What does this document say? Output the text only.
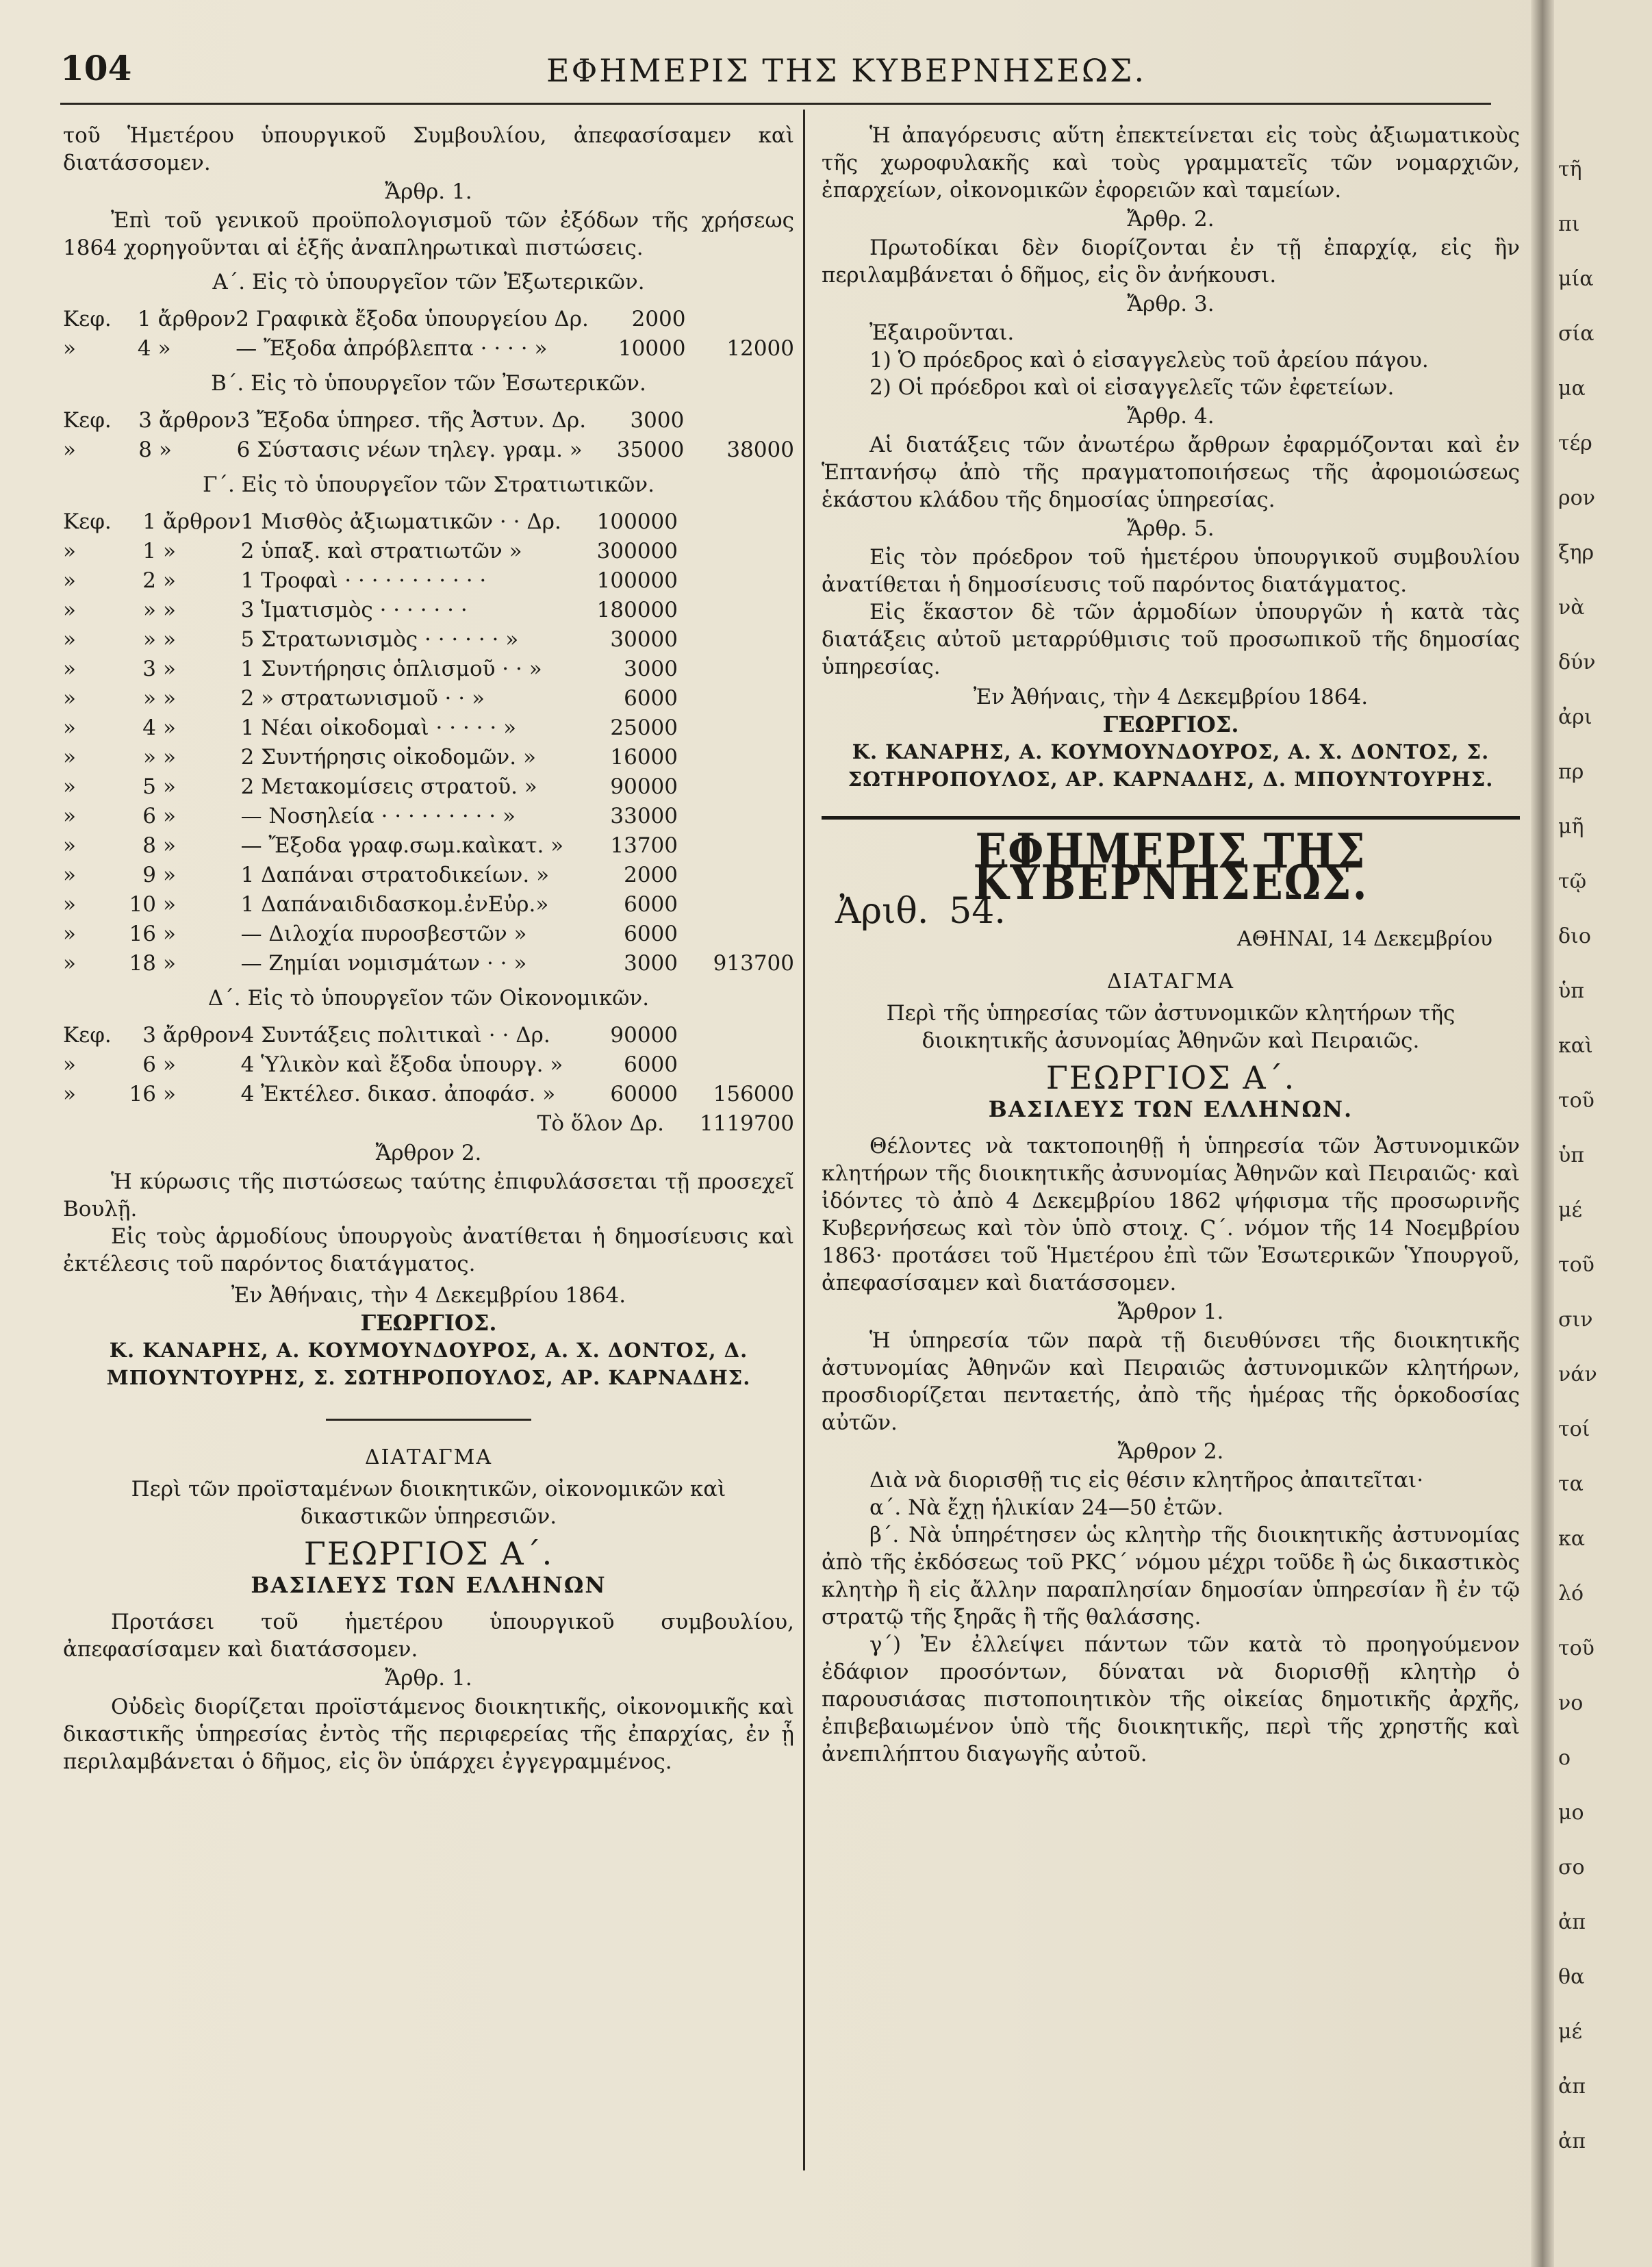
104	ΕΦΗΜΕΡΙΣ ΤΗΣ ΚΥΒΕΡΝΗΣΕΩΣ.

τοῦ Ἡμετέρου ὑπουργικοῦ Συμβουλίου, ἀπεφασίσαμεν καὶ διατάσσομεν.

Ἄρθρ. 1.

Ἐπὶ τοῦ γενικοῦ προϋπολογισμοῦ τῶν ἐξόδων τῆς χρήσεως 1864 χορηγοῦνται αἱ ἑξῆς ἀναπληρωτικαὶ πιστώσεις.

Α΄. Εἰς τὸ ὑπουργεῖον τῶν Ἐξωτερικῶν.

Κεφ.	1	ἄρθρον	2 Γραφικὰ ἔξοδα ὑπουργείου Δρ.	2000	
»	4	»	— Ἔξοδα ἀπρόβλεπτα · · · · »	10000	12000

Β΄. Εἰς τὸ ὑπουργεῖον τῶν Ἐσωτερικῶν.

Κεφ.	3	ἄρθρον	3 Ἔξοδα ὑπηρεσ. τῆς Ἀστυν. Δρ.	3000	
»	8	»	6 Σύστασις νέων τηλεγ. γραμ. »	35000	38000

Γ΄. Εἰς τὸ ὑπουργεῖον τῶν Στρατιωτικῶν.

Κεφ.	1	ἄρθρον	1 Μισθὸς ἀξιωματικῶν · · Δρ.	100000	
»	1	»	2 ὑπαξ. καὶ στρατιωτῶν »	300000	
»	2	»	1 Τροφαὶ · · · · · · · · · · ·	100000	
»	»	»	3 Ἱματισμὸς · · · · · · ·	180000	
»	»	»	5 Στρατωνισμὸς · · · · · · »	30000	
»	3	»	1 Συντήρησις ὁπλισμοῦ · · »	3000	
»	»	»	2 » στρατωνισμοῦ · · »	6000	
»	4	»	1 Νέαι οἰκοδομαὶ · · · · · »	25000	
»	»	»	2 Συντήρησις οἰκοδομῶν. »	16000	
»	5	»	2 Μετακομίσεις στρατοῦ. »	90000	
»	6	»	— Νοσηλεία · · · · · · · · · »	33000	
»	8	»	— Ἔξοδα γραφ.σωμ.καὶκατ. »	13700	
»	9	»	1 Δαπάναι στρατοδικείων. »	2000	
»	10	»	1 Δαπάναιδιδασκομ.ἐνΕὐρ.»	6000	
»	16	»	— Διλοχία πυροσβεστῶν »	6000	
»	18	»	— Ζημίαι νομισμάτων · · »	3000	913700

Δ΄. Εἰς τὸ ὑπουργεῖον τῶν Οἰκονομικῶν.

Κεφ.	3	ἄρθρον	4 Συντάξεις πολιτικαὶ · · Δρ.	90000	
»	6	»	4 Ὑλικὸν καὶ ἔξοδα ὑπουργ. »	6000	
»	16	»	4 Ἐκτέλεσ. δικασ. ἀποφάσ. »	60000	156000
Τὸ ὅλον Δρ.	1119700

Ἄρθρον 2.

Ἡ κύρωσις τῆς πιστώσεως ταύτης ἐπιφυλάσσεται τῇ προσεχεῖ Βουλῇ.

Εἰς τοὺς ἁρμοδίους ὑπουργοὺς ἀνατίθεται ἡ δημοσίευσις καὶ ἐκτέλεσις τοῦ παρόντος διατάγματος.

Ἐν Ἀθήναις, τὴν 4 Δεκεμβρίου 1864.

ΓΕΩΡΓΙΟΣ.

Κ. ΚΑΝΑΡΗΣ, Α. ΚΟΥΜΟΥΝΔΟΥΡΟΣ, Α. Χ. ΔΟΝΤΟΣ, Δ. ΜΠΟΥΝΤΟΥΡΗΣ, Σ. ΣΩΤΗΡΟΠΟΥΛΟΣ, ΑΡ. ΚΑΡΝΑΔΗΣ.

ΔΙΑΤΑΓΜΑ

Περὶ τῶν προϊσταμένων διοικητικῶν, οἰκονομικῶν καὶ δικαστικῶν ὑπηρεσιῶν.

ΓΕΩΡΓΙΟΣ Α΄.

ΒΑΣΙΛΕΥΣ ΤΩΝ ΕΛΛΗΝΩΝ

Προτάσει τοῦ ἡμετέρου ὑπουργικοῦ συμβουλίου, ἀπεφασίσαμεν καὶ διατάσσομεν.

Ἄρθρ. 1.

Οὐδεὶς διορίζεται προϊστάμενος διοικητικῆς, οἰκονομικῆς καὶ δικαστικῆς ὑπηρεσίας ἐντὸς τῆς περιφερείας τῆς ἐπαρχίας, ἐν ᾗ περιλαμβάνεται ὁ δῆμος, εἰς ὃν ὑπάρχει ἐγγεγραμμένος.

Ἡ ἀπαγόρευσις αὕτη ἐπεκτείνεται εἰς τοὺς ἀξιωματικοὺς τῆς χωροφυλακῆς καὶ τοὺς γραμματεῖς τῶν νομαρχιῶν, ἐπαρχείων, οἰκονομικῶν ἐφορειῶν καὶ ταμείων.

Ἄρθρ. 2.

Πρωτοδίκαι δὲν διορίζονται ἐν τῇ ἐπαρχίᾳ, εἰς ἣν περιλαμβάνεται ὁ δῆμος, εἰς ὃν ἀνήκουσι.

Ἄρθρ. 3.

Ἐξαιροῦνται.

1) Ὁ πρόεδρος καὶ ὁ εἰσαγγελεὺς τοῦ ἀρείου πάγου.

2) Οἱ πρόεδροι καὶ οἱ εἰσαγγελεῖς τῶν ἐφετείων.

Ἄρθρ. 4.

Αἱ διατάξεις τῶν ἀνωτέρω ἄρθρων ἐφαρμόζονται καὶ ἐν Ἑπτανήσῳ ἀπὸ τῆς πραγματοποιήσεως τῆς ἀφομοιώσεως ἑκάστου κλάδου τῆς δημοσίας ὑπηρεσίας.

Ἄρθρ. 5.

Εἰς τὸν πρόεδρον τοῦ ἡμετέρου ὑπουργικοῦ συμβουλίου ἀνατίθεται ἡ δημοσίευσις τοῦ παρόντος διατάγματος.

Εἰς ἕκαστον δὲ τῶν ἁρμοδίων ὑπουργῶν ἡ κατὰ τὰς διατάξεις αὐτοῦ μεταρρύθμισις τοῦ προσωπικοῦ τῆς δημοσίας ὑπηρεσίας.

Ἐν Ἀθήναις, τὴν 4 Δεκεμβρίου 1864.

ΓΕΩΡΓΙΟΣ.

Κ. ΚΑΝΑΡΗΣ, Α. ΚΟΥΜΟΥΝΔΟΥΡΟΣ, Α. Χ. ΔΟΝΤΟΣ, Σ. ΣΩΤΗΡΟΠΟΥΛΟΣ, ΑΡ. ΚΑΡΝΑΔΗΣ, Δ. ΜΠΟΥΝΤΟΥΡΗΣ.

ΕΦΗΜΕΡΙΣ ΤΗΣ ΚΥΒΕΡΝΗΣΕΩΣ.

Ἀριθ. 54.

ΑΘΗΝΑΙ, 14 Δεκεμβρίου

ΔΙΑΤΑΓΜΑ

Περὶ τῆς ὑπηρεσίας τῶν ἀστυνομικῶν κλητήρων τῆς διοικητικῆς ἀσυνομίας Ἀθηνῶν καὶ Πειραιῶς.

ΓΕΩΡΓΙΟΣ Α΄.

ΒΑΣΙΛΕΥΣ ΤΩΝ ΕΛΛΗΝΩΝ.

Θέλοντες νὰ τακτοποιηθῇ ἡ ὑπηρεσία τῶν Ἀστυνομικῶν κλητήρων τῆς διοικητικῆς ἀσυνομίας Ἀθηνῶν καὶ Πειραιῶς· καὶ ἰδόντες τὸ ἀπὸ 4 Δεκεμβρίου 1862 ψήφισμα τῆς προσωρινῆς Κυβερνήσεως καὶ τὸν ὑπὸ στοιχ. Ϛ΄. νόμον τῆς 14 Νοεμβρίου 1863· προτάσει τοῦ Ἡμετέρου ἐπὶ τῶν Ἐσωτερικῶν Ὑπουργοῦ, ἀπεφασίσαμεν καὶ διατάσσομεν.

Ἄρθρον 1.

Ἡ ὑπηρεσία τῶν παρὰ τῇ διευθύνσει τῆς διοικητικῆς ἀστυνομίας Ἀθηνῶν καὶ Πειραιῶς ἀστυνομικῶν κλητήρων, προσδιορίζεται πενταετής, ἀπὸ τῆς ἡμέρας τῆς ὁρκοδοσίας αὐτῶν.

Ἄρθρον 2.

Διὰ νὰ διορισθῇ τις εἰς θέσιν κλητῆρος ἀπαιτεῖται·

α΄. Νὰ ἔχῃ ἡλικίαν 24—50 ἐτῶν.

β΄. Νὰ ὑπηρέτησεν ὡς κλητὴρ τῆς διοικητικῆς ἀστυνομίας ἀπὸ τῆς ἐκδόσεως τοῦ ΡΚϚ΄ νόμου μέχρι τοῦδε ἢ ὡς δικαστικὸς κλητὴρ ἢ εἰς ἄλλην παραπλησίαν δημοσίαν ὑπηρεσίαν ἢ ἐν τῷ στρατῷ τῆς ξηρᾶς ἢ τῆς θαλάσσης.

γ΄) Ἐν ἐλλείψει πάντων τῶν κατὰ τὸ προηγούμενον ἐδάφιον προσόντων, δύναται νὰ διορισθῇ κλητὴρ ὁ παρουσιάσας πιστοποιητικὸν τῆς οἰκείας δημοτικῆς ἀρχῆς, ἐπιβεβαιωμένον ὑπὸ τῆς διοικητικῆς, περὶ τῆς χρηστῆς καὶ ἀνεπιλήπτου διαγωγῆς αὐτοῦ.

τῆ
πι
μία
σία
μα
τέρ
ρον
ξηρ
νὰ
δύν
ἀρι
πρ
μῆ
τῷ
διο
ὑπ
καὶ
τοῦ
ὑπ
μέ
τοῦ
σιν
νάν
τοί
τα
κα
λό
τοῦ
νο
ο
μο
σο
ἀπ
θα
μέ
ἀπ
ἀπ
